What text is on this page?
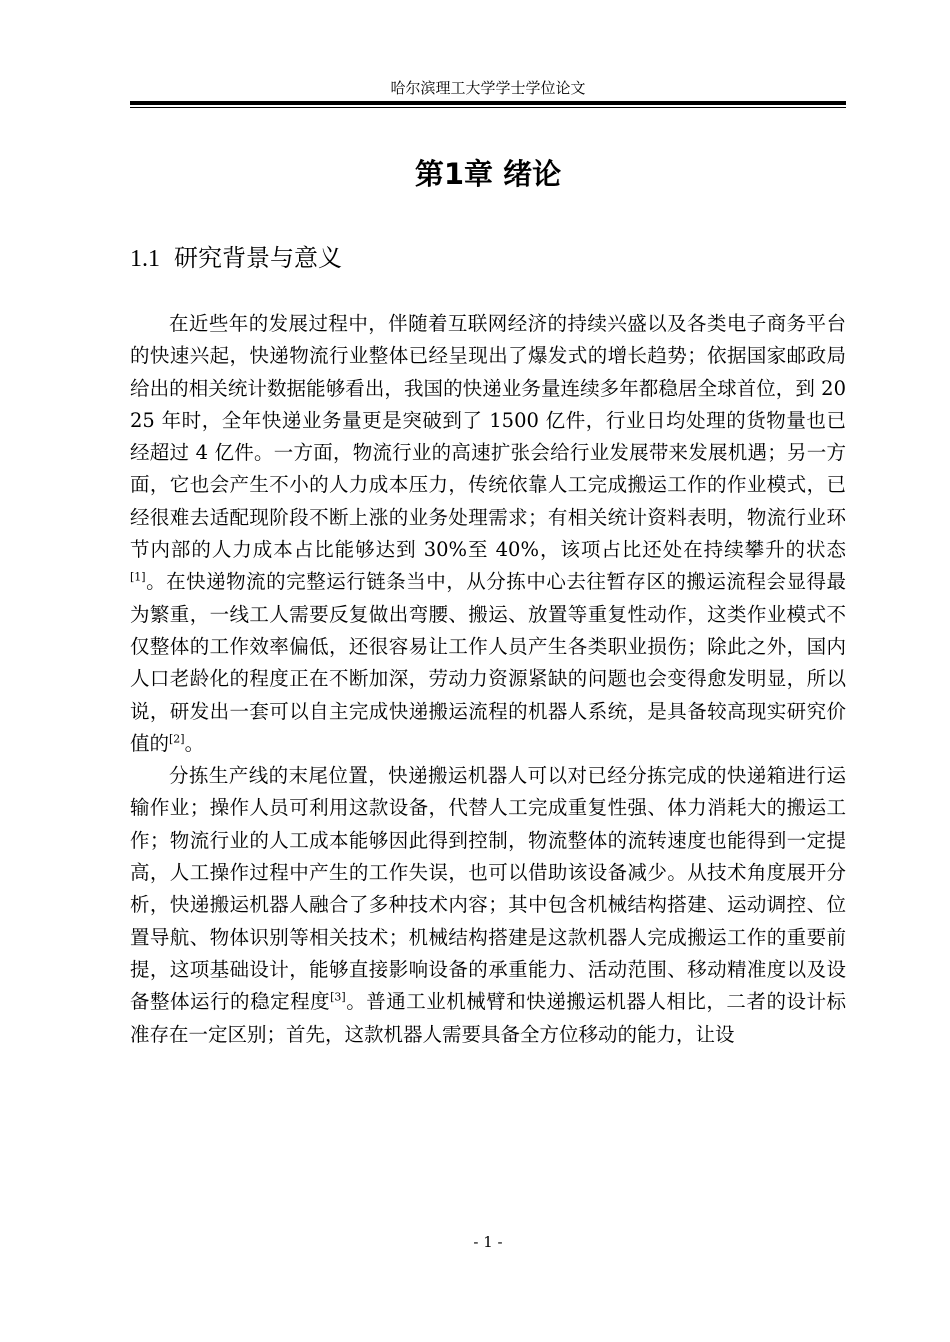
哈尔滨理工大学学士学位论文
第1章 绪论
1.1 研究背景与意义

在近些年的发展过程中，伴随着互联网经济的持续兴盛以及各类电子商务平台的快速兴起，快递物流行业整体已经呈现出了爆发式的增长趋势；依据国家邮政局给出的相关统计数据能够看出，我国的快递业务量连续多年都稳居全球首位，到 2025 年时，全年快递业务量更是突破到了 1500 亿件，行业日均处理的货物量也已经超过 4 亿件。一方面，物流行业的高速扩张会给行业发展带来发展机遇；另一方面，它也会产生不小的人力成本压力，传统依靠人工完成搬运工作的作业模式，已经很难去适配现阶段不断上涨的业务处理需求；有相关统计资料表明，物流行业环节内部的人力成本占比能够达到 30%至 40%，该项占比还处在持续攀升的状态[1]。在快递物流的完整运行链条当中，从分拣中心去往暂存区的搬运流程会显得最为繁重，一线工人需要反复做出弯腰、搬运、放置等重复性动作，这类作业模式不仅整体的工作效率偏低，还很容易让工作人员产生各类职业损伤；除此之外，国内人口老龄化的程度正在不断加深，劳动力资源紧缺的问题也会变得愈发明显，所以说，研发出一套可以自主完成快递搬运流程的机器人系统，是具备较高现实研究价值的[2]。

分拣生产线的末尾位置，快递搬运机器人可以对已经分拣完成的快递箱进行运输作业；操作人员可利用这款设备，代替人工完成重复性强、体力消耗大的搬运工作；物流行业的人工成本能够因此得到控制，物流整体的流转速度也能得到一定提高，人工操作过程中产生的工作失误，也可以借助该设备减少。从技术角度展开分析，快递搬运机器人融合了多种技术内容；其中包含机械结构搭建、运动调控、位置导航、物体识别等相关技术；机械结构搭建是这款机器人完成搬运工作的重要前提，这项基础设计，能够直接影响设备的承重能力、活动范围、移动精准度以及设备整体运行的稳定程度[3]。普通工业机械臂和快递搬运机器人相比，二者的设计标准存在一定区别；首先，这款机器人需要具备全方位移动的能力，让设

- 1 -
